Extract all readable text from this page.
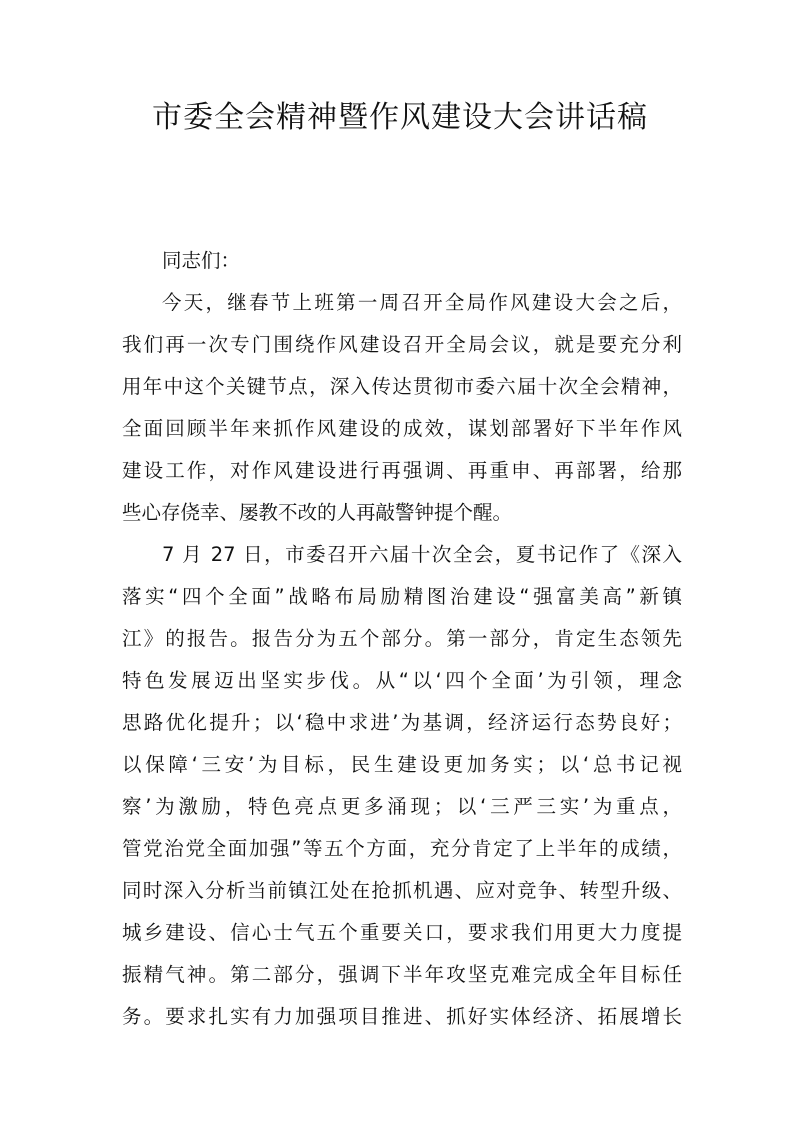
市委全会精神暨作风建设大会讲话稿
同志们：
今天，继春节上班第一周召开全局作风建设大会之后，
我们再一次专门围绕作风建设召开全局会议，就是要充分利
用年中这个关键节点，深入传达贯彻市委六届十次全会精神，
全面回顾半年来抓作风建设的成效，谋划部署好下半年作风
建设工作，对作风建设进行再强调、再重申、再部署，给那
些心存侥幸、屡教不改的人再敲警钟提个醒。
7 月 27 日，市委召开六届十次全会，夏书记作了《深入
落实“四个全面”战略布局励精图治建设“强富美高”新镇
江》的报告。报告分为五个部分。第一部分，肯定生态领先
特色发展迈出坚实步伐。从“以‘四个全面’为引领，理念
思路优化提升；以‘稳中求进’为基调，经济运行态势良好；
以保障‘三安’为目标，民生建设更加务实；以‘总书记视
察’为激励，特色亮点更多涌现；以‘三严三实’为重点，
管党治党全面加强”等五个方面，充分肯定了上半年的成绩，
同时深入分析当前镇江处在抢抓机遇、应对竞争、转型升级、
城乡建设、信心士气五个重要关口，要求我们用更大力度提
振精气神。第二部分，强调下半年攻坚克难完成全年目标任
务。要求扎实有力加强项目推进、抓好实体经济、拓展增长
